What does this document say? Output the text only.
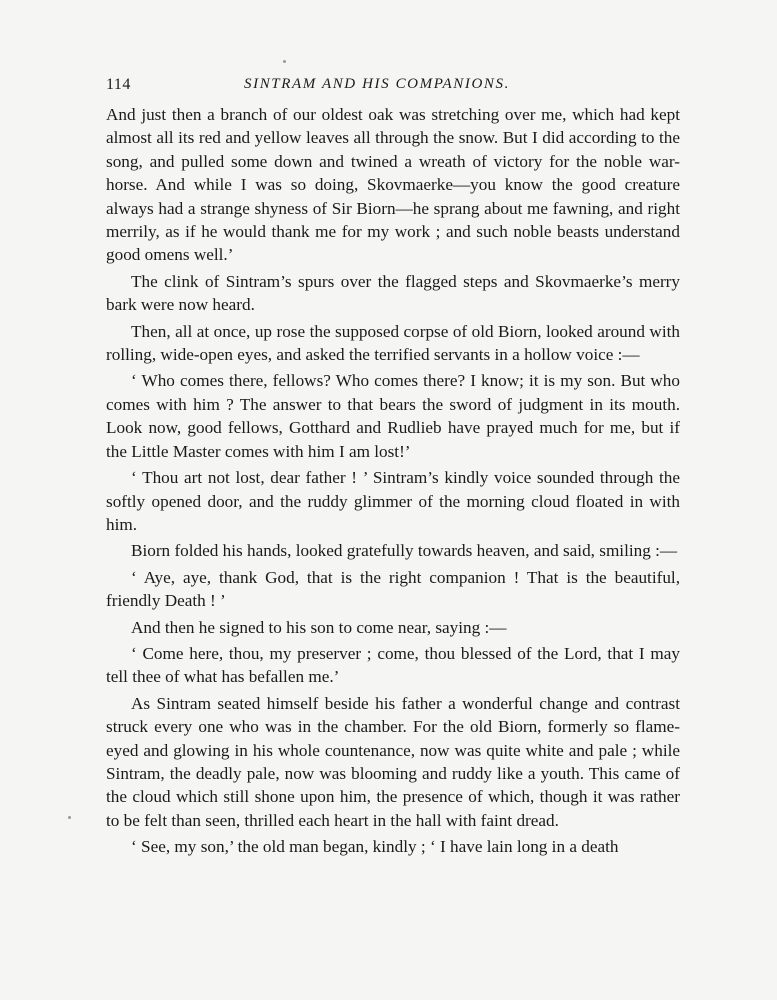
114	SINTRAM AND HIS COMPANIONS.

And just then a branch of our oldest oak was stretching over me, which had kept almost all its red and yellow leaves all through the snow. But I did according to the song, and pulled some down and twined a wreath of victory for the noble war-horse. And while I was so doing, Skovmaerke—you know the good creature always had a strange shyness of Sir Biorn—he sprang about me fawning, and right merrily, as if he would thank me for my work ; and such noble beasts understand good omens well.’

The clink of Sintram’s spurs over the flagged steps and Skovmaerke’s merry bark were now heard.

Then, all at once, up rose the supposed corpse of old Biorn, looked around with rolling, wide-open eyes, and asked the terrified servants in a hollow voice :—

‘ Who comes there, fellows? Who comes there? I know; it is my son. But who comes with him ? The answer to that bears the sword of judgment in its mouth. Look now, good fellows, Gotthard and Rudlieb have prayed much for me, but if the Little Master comes with him I am lost!’

‘ Thou art not lost, dear father ! ’ Sintram’s kindly voice sounded through the softly opened door, and the ruddy glimmer of the morning cloud floated in with him.

Biorn folded his hands, looked gratefully towards heaven, and said, smiling :—

‘ Aye, aye, thank God, that is the right companion ! That is the beautiful, friendly Death ! ’

And then he signed to his son to come near, saying :—

‘ Come here, thou, my preserver ; come, thou blessed of the Lord, that I may tell thee of what has befallen me.’

As Sintram seated himself beside his father a wonderful change and contrast struck every one who was in the chamber. For the old Biorn, formerly so flame-eyed and glowing in his whole countenance, now was quite white and pale ; while Sintram, the deadly pale, now was blooming and ruddy like a youth. This came of the cloud which still shone upon him, the presence of which, though it was rather to be felt than seen, thrilled each heart in the hall with faint dread.

‘ See, my son,’ the old man began, kindly ; ‘ I have lain long in a death
